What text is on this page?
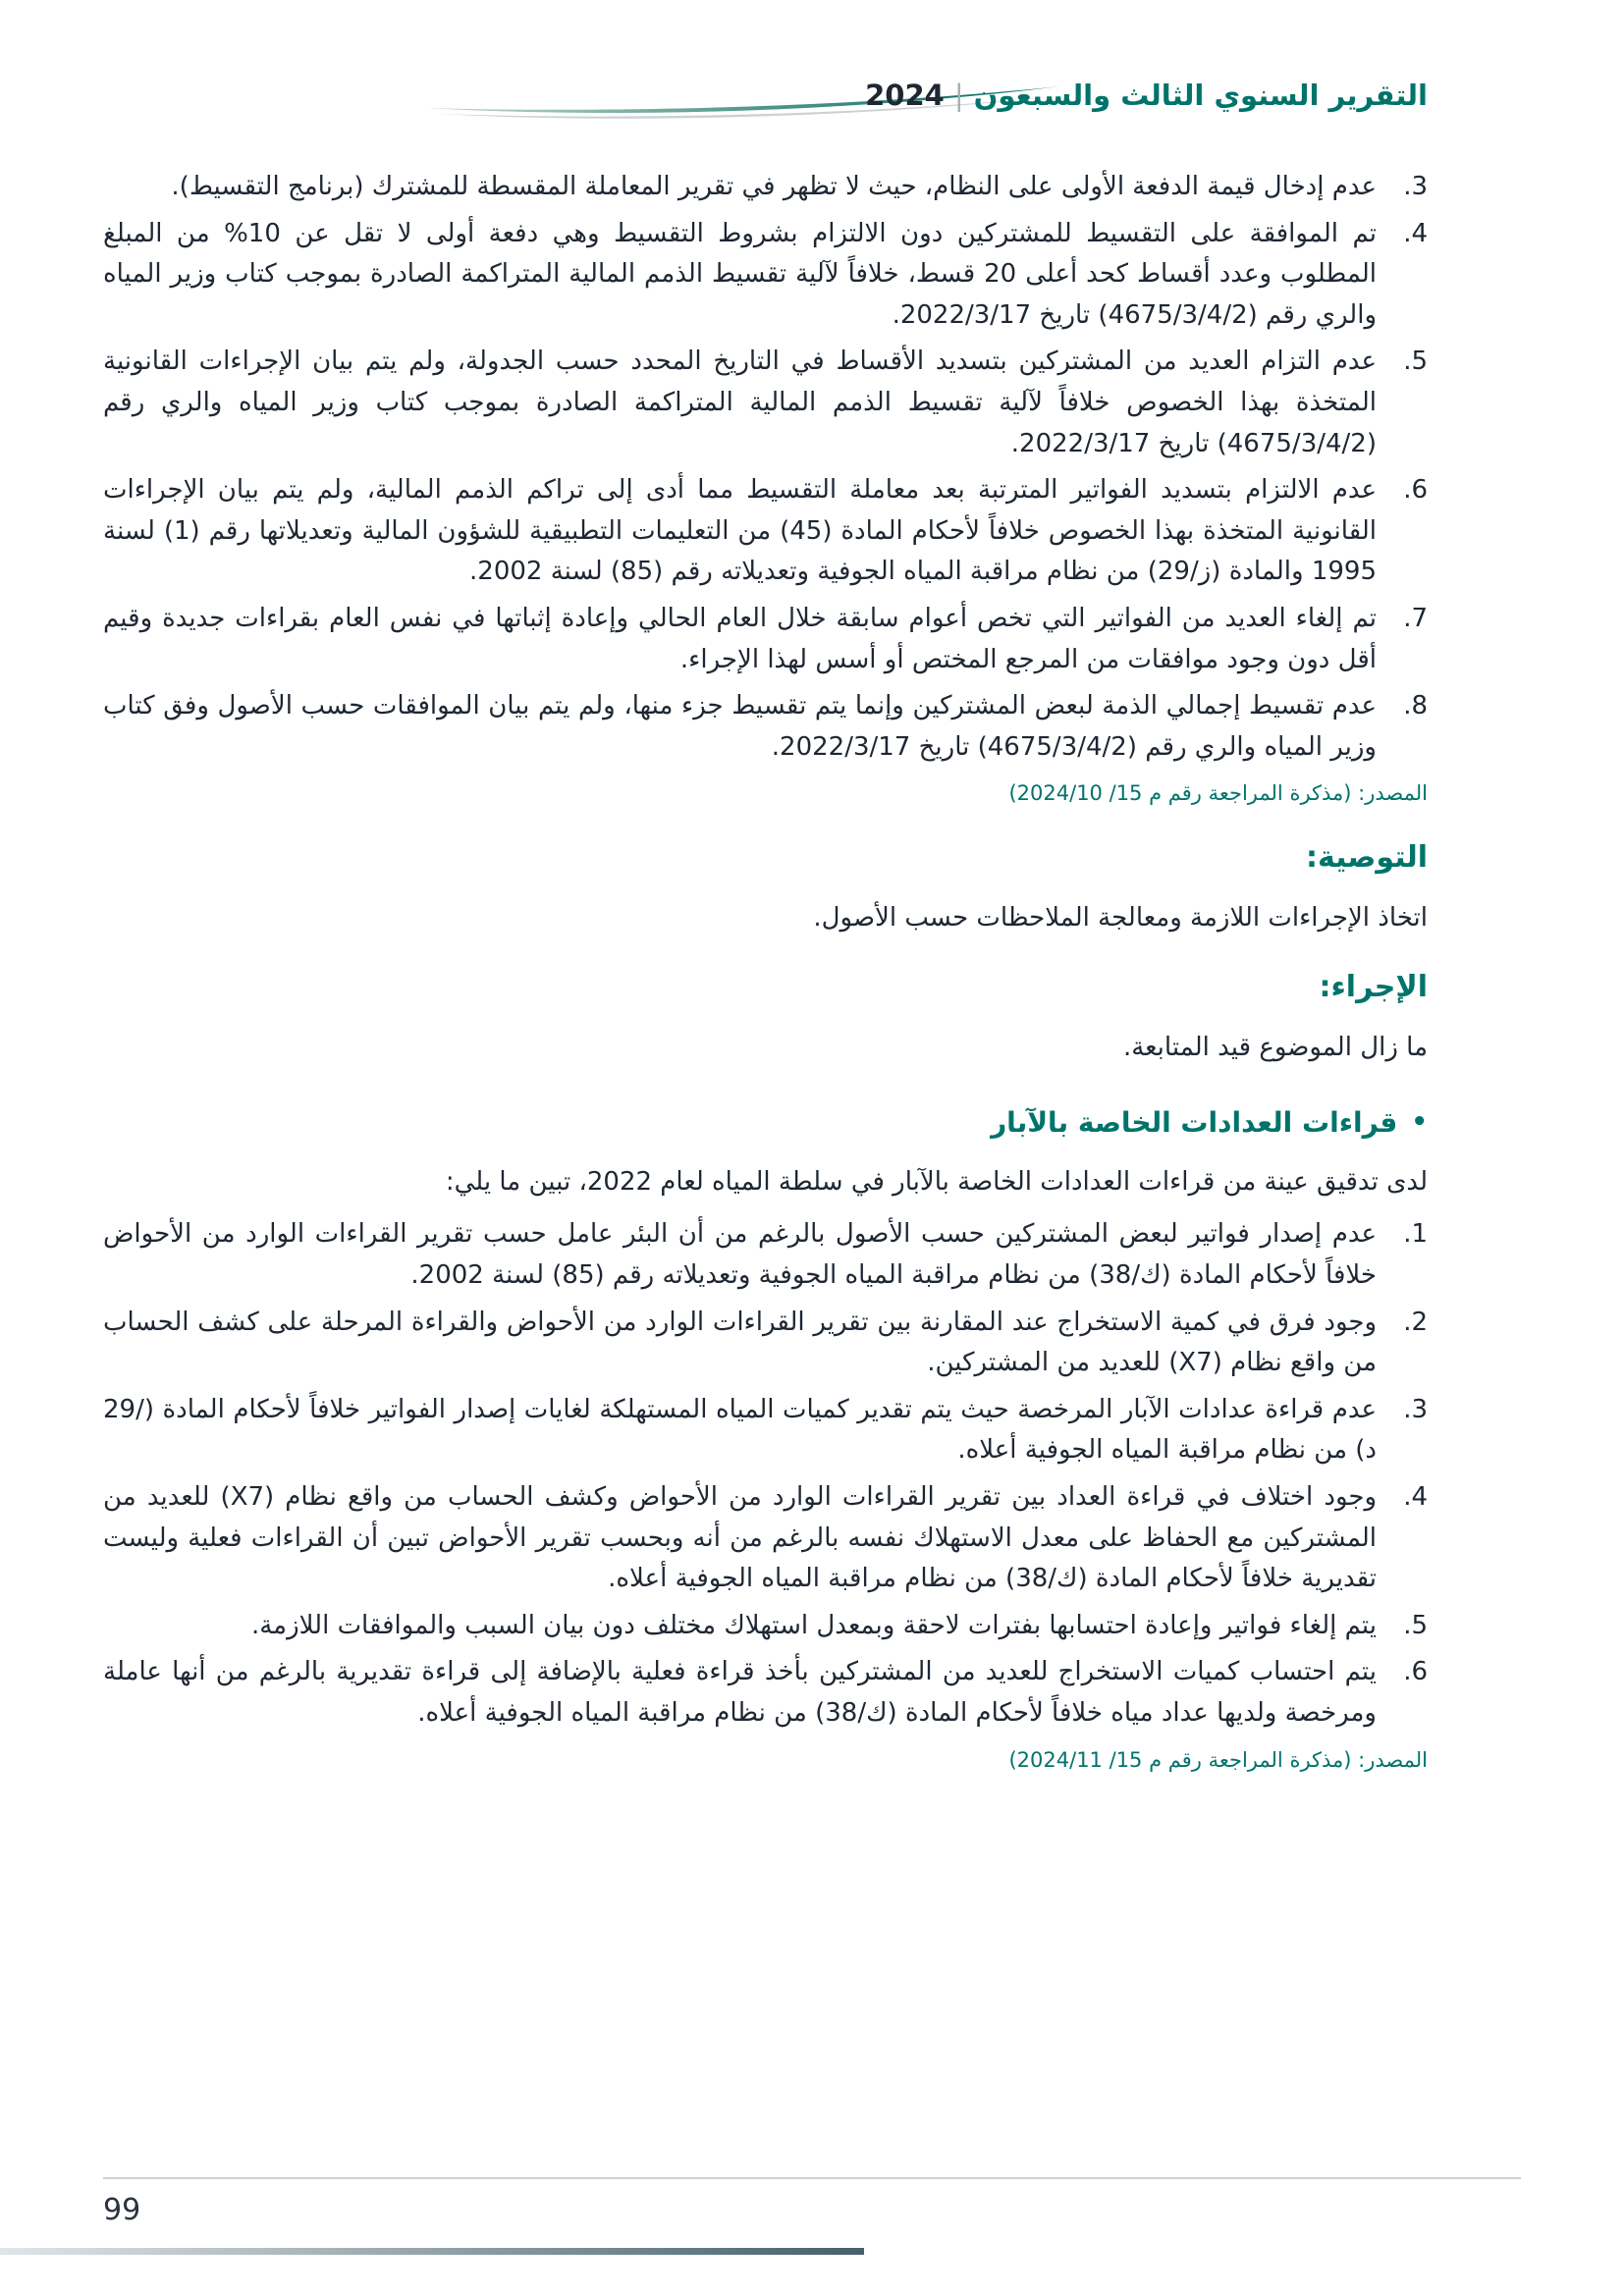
التقرير السنوي الثالث والسبعون|2024
3.

عدم إدخال قيمة الدفعة الأولى على النظام، حيث لا تظهر في تقرير المعاملة المقسطة للمشترك (برنامج التقسيط).

4.

تم الموافقة على التقسيط للمشتركين دون الالتزام بشروط التقسيط وهي دفعة أولى لا تقل عن 10% من المبلغ المطلوب وعدد أقساط كحد أعلى 20 قسط، خلافاً لآلية تقسيط الذمم المالية المتراكمة الصادرة بموجب كتاب وزير المياه والري رقم (4675/3/4/2) تاريخ 2022/3/17.

5.

عدم التزام العديد من المشتركين بتسديد الأقساط في التاريخ المحدد حسب الجدولة، ولم يتم بيان الإجراءات القانونية المتخذة بهذا الخصوص خلافاً لآلية تقسيط الذمم المالية المتراكمة الصادرة بموجب كتاب وزير المياه والري رقم (4675/3/4/2) تاريخ 2022/3/17.

6.

عدم الالتزام بتسديد الفواتير المترتبة بعد معاملة التقسيط مما أدى إلى تراكم الذمم المالية، ولم يتم بيان الإجراءات القانونية المتخذة بهذا الخصوص خلافاً لأحكام المادة (45) من التعليمات التطبيقية للشؤون المالية وتعديلاتها رقم (1) لسنة 1995 والمادة (⁦29/ز⁩) من نظام مراقبة المياه الجوفية وتعديلاته رقم (85) لسنة 2002.

7.

تم إلغاء العديد من الفواتير التي تخص أعوام سابقة خلال العام الحالي وإعادة إثباتها في نفس العام بقراءات جديدة وقيم أقل دون وجود موافقات من المرجع المختص أو أسس لهذا الإجراء.

8.

عدم تقسيط إجمالي الذمة لبعض المشتركين وإنما يتم تقسيط جزء منها، ولم يتم بيان الموافقات حسب الأصول وفق كتاب وزير المياه والري رقم (4675/3/4/2) تاريخ 2022/3/17.

المصدر: (مذكرة المراجعة رقم م 15/ 2024/10)

التوصية:

اتخاذ الإجراءات اللازمة ومعالجة الملاحظات حسب الأصول.

الإجراء:

ما زال الموضوع قيد المتابعة.

•
قراءات العدادات الخاصة بالآبار

لدى تدقيق عينة من قراءات العدادات الخاصة بالآبار في سلطة المياه لعام 2022، تبين ما يلي:

1.

عدم إصدار فواتير لبعض المشتركين حسب الأصول بالرغم من أن البئر عامل حسب تقرير القراءات الوارد من الأحواض خلافاً لأحكام المادة (⁦38/ك⁩) من نظام مراقبة المياه الجوفية وتعديلاته رقم (85) لسنة 2002.

2.

وجود فرق في كمية الاستخراج عند المقارنة بين تقرير القراءات الوارد من الأحواض والقراءة المرحلة على كشف الحساب من واقع نظام (X7) للعديد من المشتركين.

3.

عدم قراءة عدادات الآبار المرخصة حيث يتم تقدير كميات المياه المستهلكة لغايات إصدار الفواتير خلافاً لأحكام المادة (⁦29/د⁩) من نظام مراقبة المياه الجوفية أعلاه.

4.

وجود اختلاف في قراءة العداد بين تقرير القراءات الوارد من الأحواض وكشف الحساب من واقع نظام (X7) للعديد من المشتركين مع الحفاظ على معدل الاستهلاك نفسه بالرغم من أنه وبحسب تقرير الأحواض تبين أن القراءات فعلية وليست تقديرية خلافاً لأحكام المادة (⁦38/ك⁩) من نظام مراقبة المياه الجوفية أعلاه.

5.

يتم إلغاء فواتير وإعادة احتسابها بفترات لاحقة وبمعدل استهلاك مختلف دون بيان السبب والموافقات اللازمة.

6.

يتم احتساب كميات الاستخراج للعديد من المشتركين بأخذ قراءة فعلية بالإضافة إلى قراءة تقديرية بالرغم من أنها عاملة ومرخصة ولديها عداد مياه خلافاً لأحكام المادة (⁦38/ك⁩) من نظام مراقبة المياه الجوفية أعلاه.

المصدر: (مذكرة المراجعة رقم م 15/ 2024/11)

99
